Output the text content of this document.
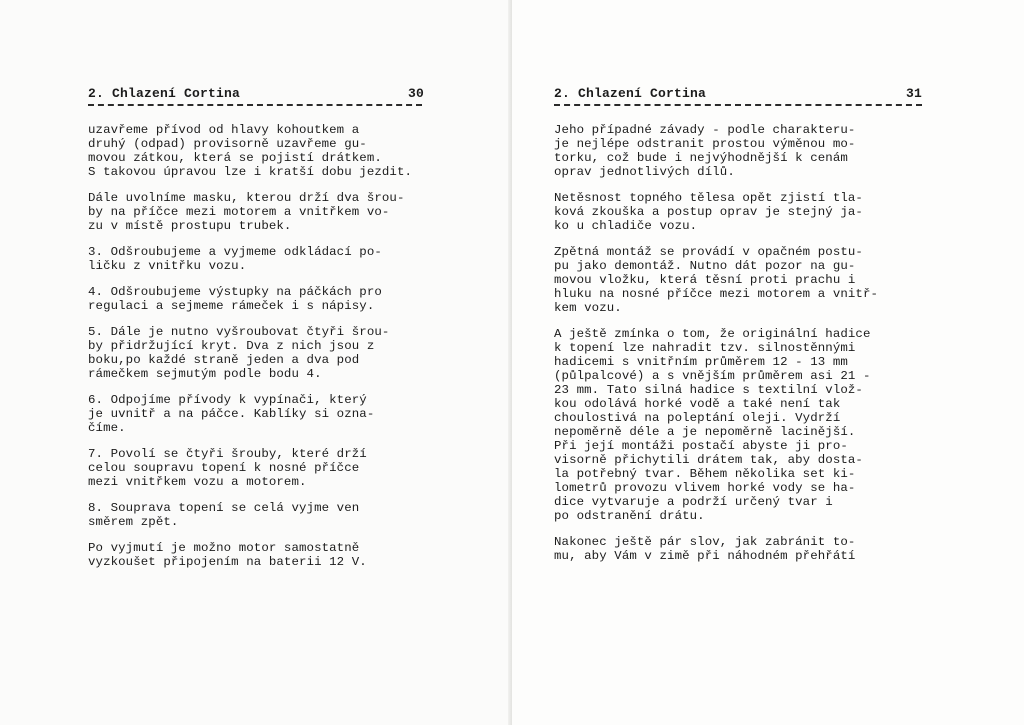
2. Chlazení Cortina	30

uzavřeme přívod od hlavy kohoutkem a
druhý (odpad) provisorně uzavřeme gu-
movou zátkou, která se pojistí drátkem.
S takovou úpravou lze i kratší dobu jezdit.

Dále uvolníme masku, kterou drží dva šrou-
by na příčce mezi motorem a vnitřkem vo-
zu v místě prostupu trubek.

3. Odšroubujeme a vyjmeme odkládací po-
ličku z vnitřku vozu.

4. Odšroubujeme výstupky na páčkách pro
regulaci a sejmeme rámeček i s nápisy.

5. Dále je nutno vyšroubovat čtyři šrou-
by přidržující kryt. Dva z nich jsou z
boku,po každé straně jeden a dva pod
rámečkem sejmutým podle bodu 4.

6. Odpojíme přívody k vypínači, který
je uvnitř a na páčce. Kablíky si ozna-
číme.

7. Povolí se čtyři šrouby, které drží
celou soupravu topení k nosné příčce
mezi vnitřkem vozu a motorem.

8. Souprava topení se celá vyjme ven
směrem zpět.

Po vyjmutí je možno motor samostatně
vyzkoušet připojením na baterii 12 V.

2. Chlazení Cortina	31

Jeho případné závady - podle charakteru-
je nejlépe odstranit prostou výměnou mo-
torku, což bude i nejvýhodnější k cenám
oprav jednotlivých dílů.

Netěsnost topného tělesa opět zjistí tla-
ková zkouška a postup oprav je stejný ja-
ko u chladiče vozu.

Zpětná montáž se provádí v opačném postu-
pu jako demontáž. Nutno dát pozor na gu-
movou vložku, která těsní proti prachu i
hluku na nosné příčce mezi motorem a vnitř-
kem vozu.

A ještě zmínka o tom, že originální hadice
k topení lze nahradit tzv. silnostěnnými
hadicemi s vnitřním průměrem 12 - 13 mm
(půlpalcové) a s vnějším průměrem asi 21 -
23 mm. Tato silná hadice s textilní vlož-
kou odolává horké vodě a také není tak
choulostivá na poleptání oleji. Vydrží
nepoměrně déle a je nepoměrně lacinější.
Při její montáži postačí abyste ji pro-
visorně přichytili drátem tak, aby dosta-
la potřebný tvar. Během několika set ki-
lometrů provozu vlivem horké vody se ha-
dice vytvaruje a podrží určený tvar i
po odstranění drátu.

Nakonec ještě pár slov, jak zabránit to-
mu, aby Vám v zimě při náhodném přehřátí
